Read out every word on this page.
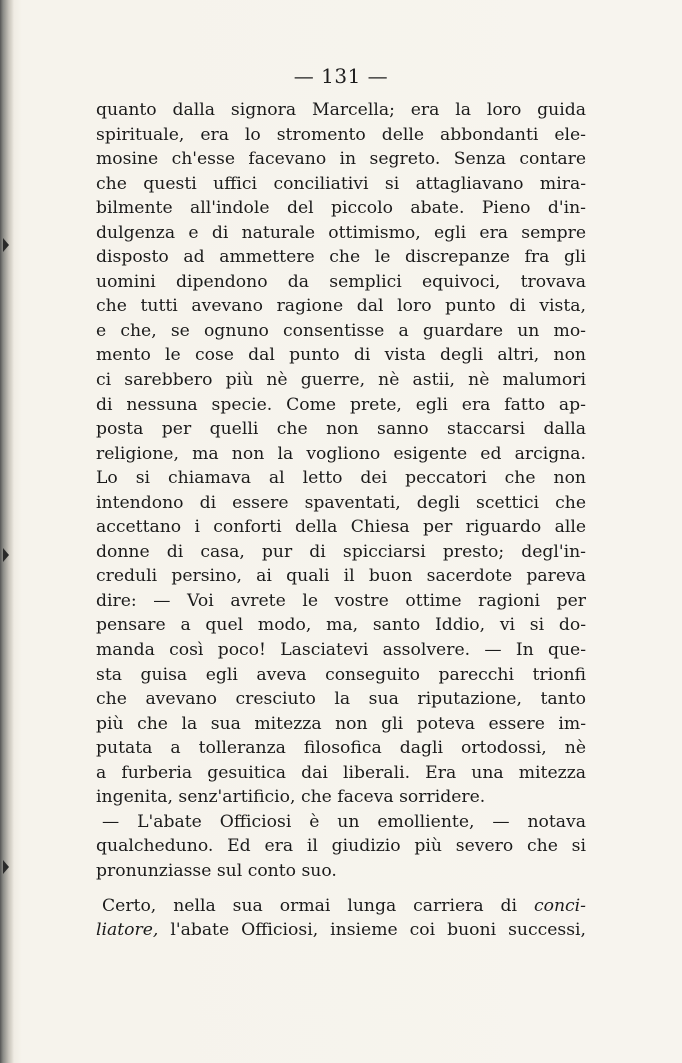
— 131 —
quanto dalla signora Marcella; era la loro guida
spirituale, era lo stromento delle abbondanti ele-
mosine ch'esse facevano in segreto. Senza contare
che questi uffici conciliativi si attagliavano mira-
bilmente all'indole del piccolo abate. Pieno d'in-
dulgenza e di naturale ottimismo, egli era sempre
disposto ad ammettere che le discrepanze fra gli
uomini dipendono da semplici equivoci, trovava
che tutti avevano ragione dal loro punto di vista,
e che, se ognuno consentisse a guardare un mo-
mento le cose dal punto di vista degli altri, non
ci sarebbero più nè guerre, nè astii, nè malumori
di nessuna specie. Come prete, egli era fatto ap-
posta per quelli che non sanno staccarsi dalla
religione, ma non la vogliono esigente ed arcigna.
Lo si chiamava al letto dei peccatori che non
intendono di essere spaventati, degli scettici che
accettano i conforti della Chiesa per riguardo alle
donne di casa, pur di spicciarsi presto; degl'in-
creduli persino, ai quali il buon sacerdote pareva
dire: — Voi avrete le vostre ottime ragioni per
pensare a quel modo, ma, santo Iddio, vi si do-
manda così poco! Lasciatevi assolvere. — In que-
sta guisa egli aveva conseguito parecchi trionfi
che avevano cresciuto la sua riputazione, tanto
più che la sua mitezza non gli poteva essere im-
putata a tolleranza filosofica dagli ortodossi, nè
a furberia gesuitica dai liberali. Era una mitezza
ingenita, senz'artificio, che faceva sorridere.
— L'abate Officiosi è un emolliente, — notava
qualcheduno. Ed era il giudizio più severo che si
pronunziasse sul conto suo.
Certo, nella sua ormai lunga carriera di conci-
liatore, l'abate Officiosi, insieme coi buoni successi,
